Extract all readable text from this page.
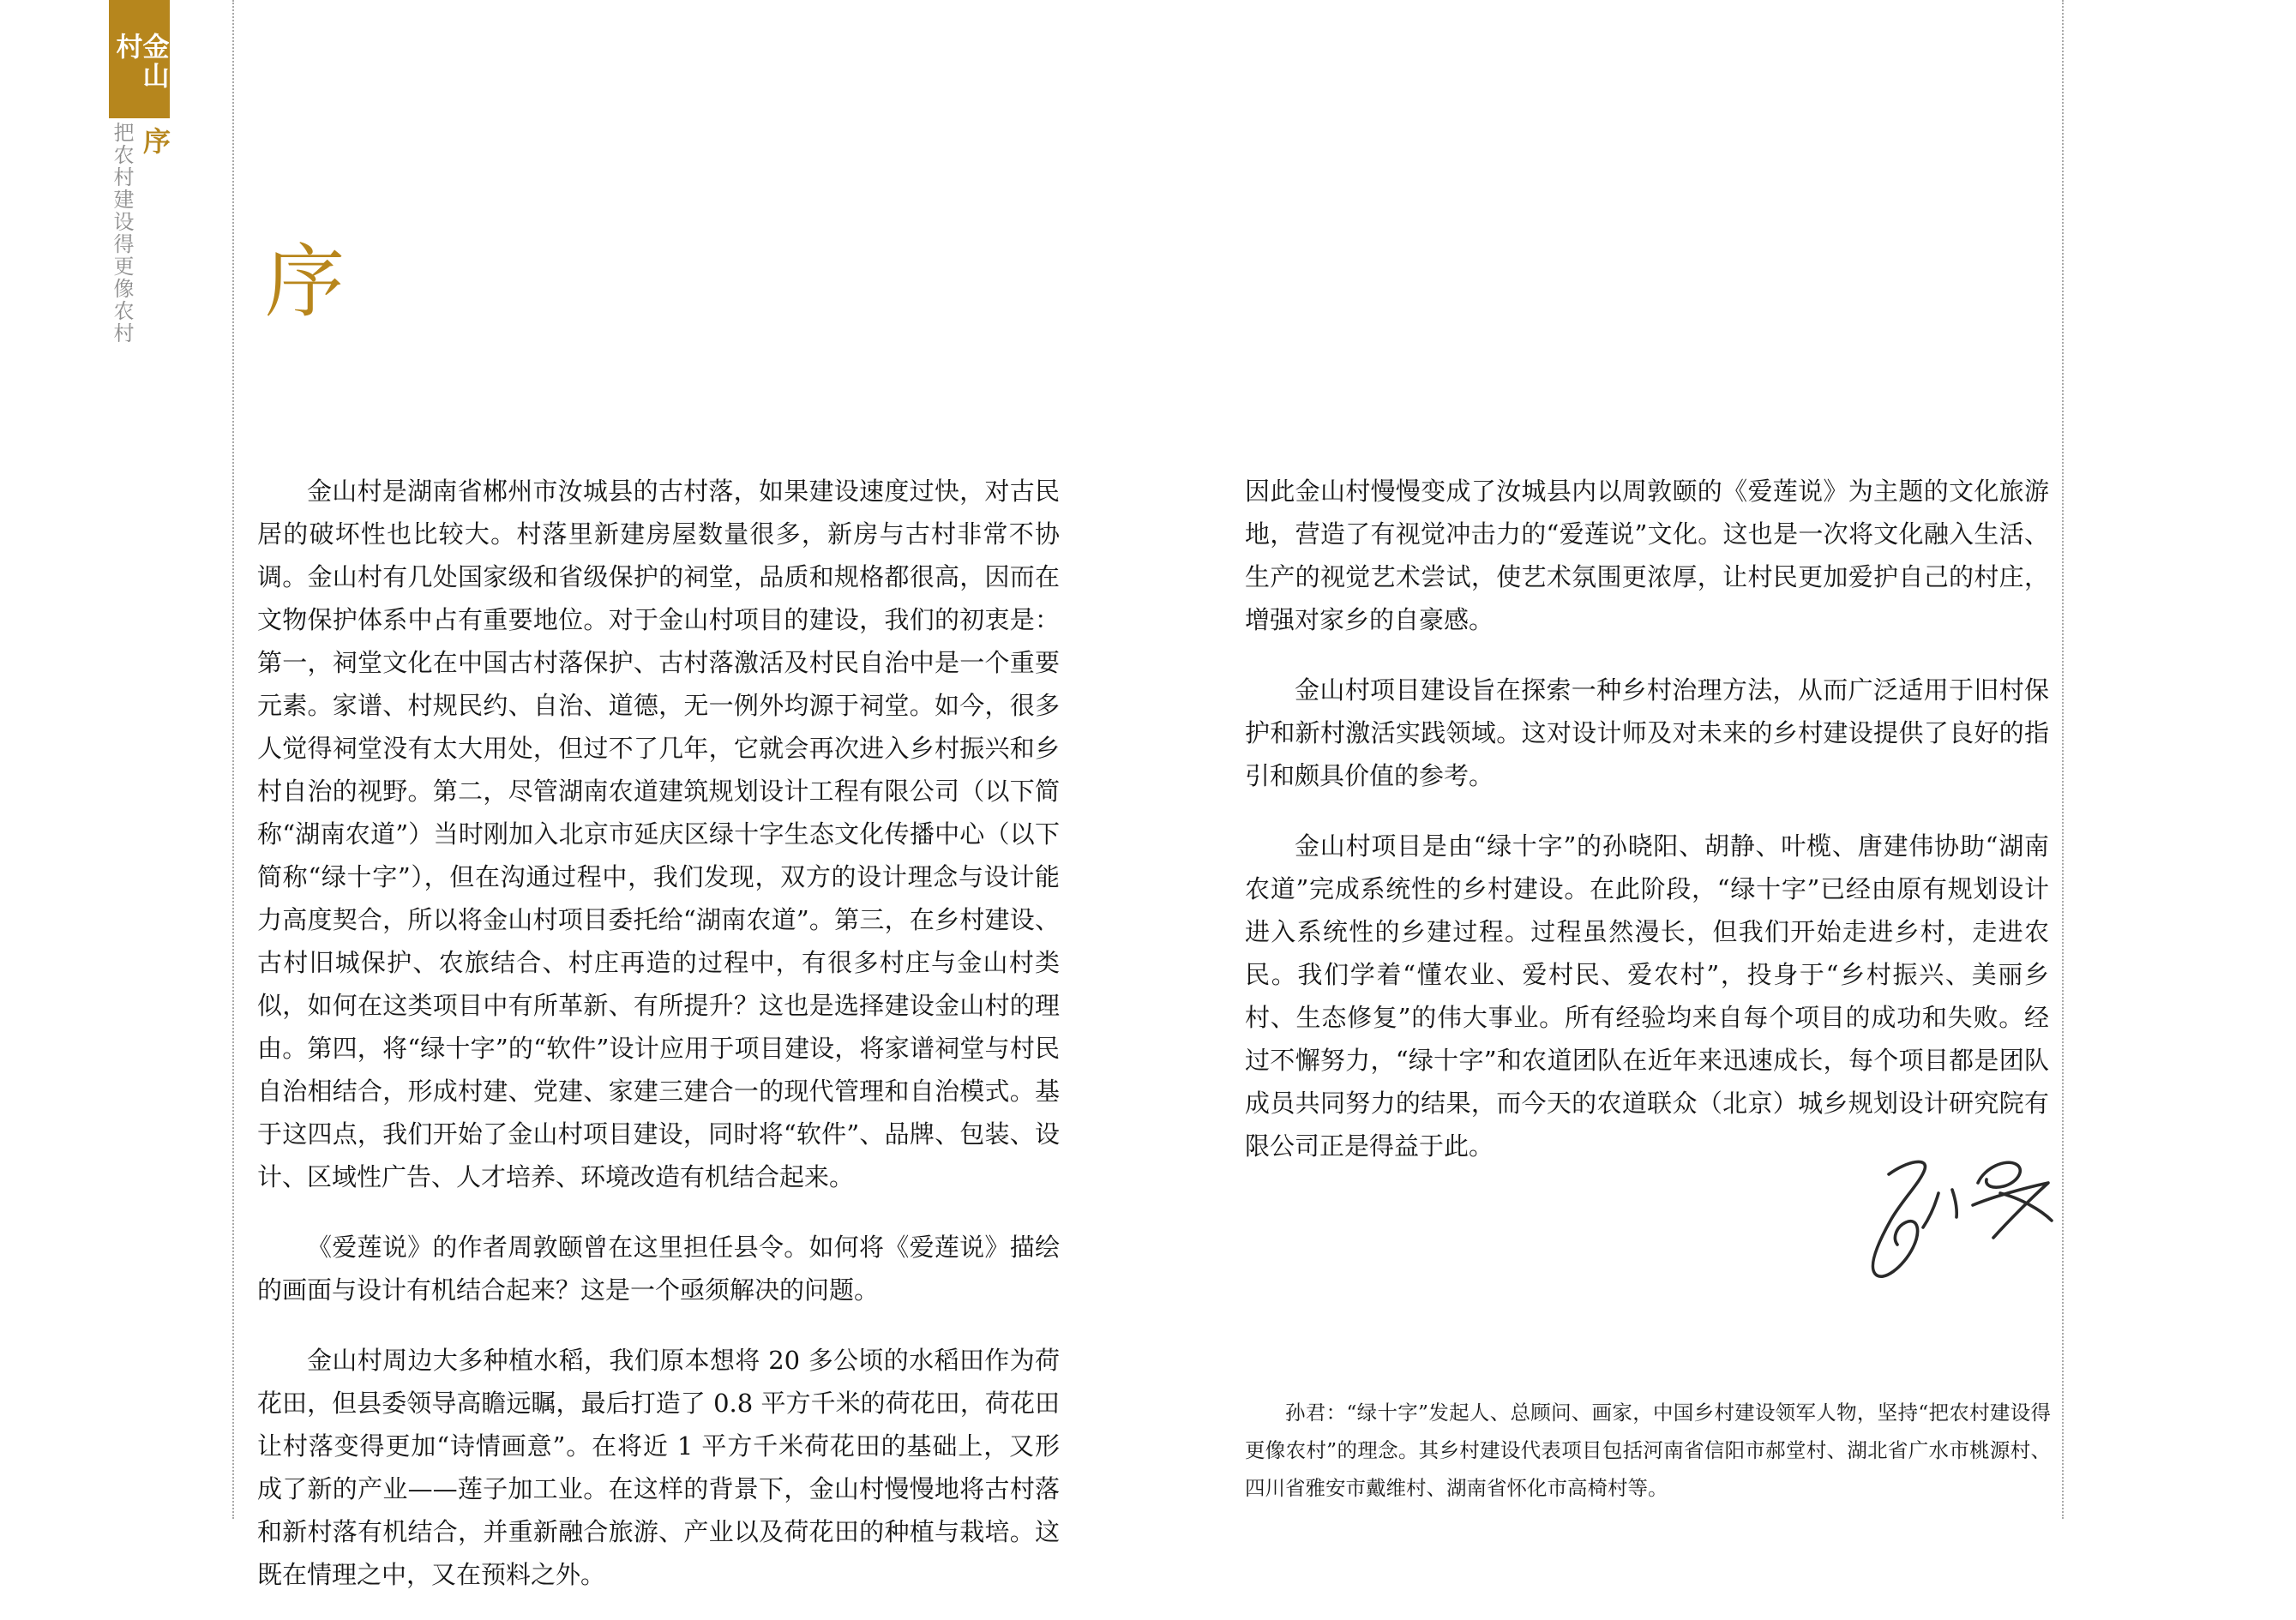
金山村
序
把农村建设得更像农村 序

金山村是湖南省郴州市汝城县的古村落，如果建设速度过快，对古民居的破坏性也比较大。村落里新建房屋数量很多，新房与古村非常不协调。金山村有几处国家级和省级保护的祠堂，品质和规格都很高，因而在文物保护体系中占有重要地位。对于金山村项目的建设，我们的初衷是：第一，祠堂文化在中国古村落保护、古村落激活及村民自治中是一个重要元素。家谱、村规民约、自治、道德，无一例外均源于祠堂。如今，很多人觉得祠堂没有太大用处，但过不了几年，它就会再次进入乡村振兴和乡村自治的视野。第二，尽管湖南农道建筑规划设计工程有限公司（以下简称“湖南农道”）当时刚加入北京市延庆区绿十字生态文化传播中心（以下简称“绿十字”），但在沟通过程中，我们发现，双方的设计理念与设计能力高度契合，所以将金山村项目委托给“湖南农道”。第三，在乡村建设、古村旧城保护、农旅结合、村庄再造的过程中，有很多村庄与金山村类似，如何在这类项目中有所革新、有所提升？这也是选择建设金山村的理由。第四，将“绿十字”的“软件”设计应用于项目建设，将家谱祠堂与村民自治相结合，形成村建、党建、家建三建合一的现代管理和自治模式。基于这四点，我们开始了金山村项目建设，同时将“软件”、品牌、包装、设计、区域性广告、人才培养、环境改造有机结合起来。

《爱莲说》的作者周敦颐曾在这里担任县令。如何将《爱莲说》描绘的画面与设计有机结合起来？这是一个亟须解决的问题。

金山村周边大多种植水稻，我们原本想将 20 多公顷的水稻田作为荷花田，但县委领导高瞻远瞩，最后打造了 0.8 平方千米的荷花田，荷花田让村落变得更加“诗情画意”。在将近 1 平方千米荷花田的基础上，又形成了新的产业——莲子加工业。在这样的背景下，金山村慢慢地将古村落和新村落有机结合，并重新融合旅游、产业以及荷花田的种植与栽培。这既在情理之中，又在预料之外。

因此金山村慢慢变成了汝城县内以周敦颐的《爱莲说》为主题的文化旅游地，营造了有视觉冲击力的“爱莲说”文化。这也是一次将文化融入生活、生产的视觉艺术尝试，使艺术氛围更浓厚，让村民更加爱护自己的村庄，增强对家乡的自豪感。

金山村项目建设旨在探索一种乡村治理方法，从而广泛适用于旧村保护和新村激活实践领域。这对设计师及对未来的乡村建设提供了良好的指引和颇具价值的参考。

金山村项目是由“绿十字”的孙晓阳、胡静、叶榄、唐建伟协助“湖南农道”完成系统性的乡村建设。在此阶段，“绿十字”已经由原有规划设计进入系统性的乡建过程。过程虽然漫长，但我们开始走进乡村，走进农民。我们学着“懂农业、爱村民、爱农村”，投身于“乡村振兴、美丽乡村、生态修复”的伟大事业。所有经验均来自每个项目的成功和失败。经过不懈努力，“绿十字”和农道团队在近年来迅速成长，每个项目都是团队成员共同努力的结果，而今天的农道联众（北京）城乡规划设计研究院有限公司正是得益于此。

孙君：“绿十字”发起人、总顾问、画家，中国乡村建设领军人物，坚持“把农村建设得更像农村”的理念。其乡村建设代表项目包括河南省信阳市郝堂村、湖北省广水市桃源村、四川省雅安市戴维村、湖南省怀化市高椅村等。
